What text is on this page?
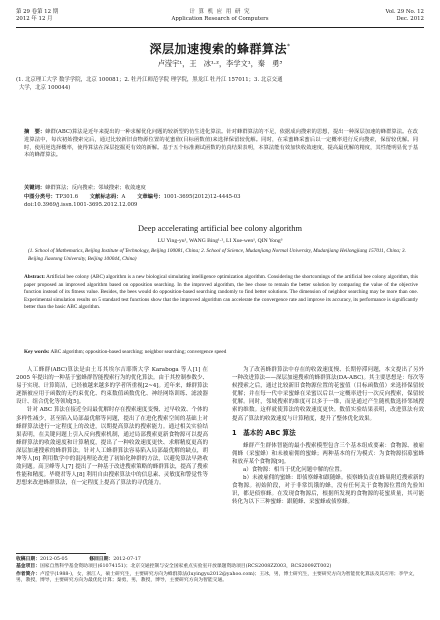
第 29 卷第 12 期
2012 年 12 月
计 算 机 应 用 研 究
Application Research of Computers
Vol. 29 No. 12
Dec. 2012
深层加速搜索的蜂群算法*
卢滢宇¹，王　冰¹·²，李学文¹，秦　勇³
(1. 北京理工大学 数学学院，北京 100081；2. 牡丹江师范学院 理学院，黑龙江 牡丹江 157011；3. 北京交通
大学，北京 100044)
摘　要：蜂群(ABC)算法是近年来提出的一种求解优化问题的较新型的仿生进化算法。针对蜂群算法的不足，依据成向搜索的思想，提出一种深层加速的蜂群算法。在改进算法中，每次初始搜索完后，通过比较新旧食物源位置的花蜜值(目标函数值)来选择保留较优解。同时，在采蜜蜂采蜜后以一定概率进行反向搜索，保留较优解。同时，使用逆选择概率，使得算法在深层挖掘更有效的新解。基于五个标准测试函数的仿真结果表明，本算法能有效加快收敛速度，提高最优解的精度，其性能明显优于基本的蜂群算法。
关键词：蜂群算法；反向搜索；邻域搜索；收敛速度
中图分类号：TP301.6 文献标志码：A 文章编号：1001-3695(2012)12-4445-03
doi:10.3969/j.issn.1001-3695.2012.12.009
Deep accelerating artificial bee colony algorithm
LU Ying-yu¹, WANG Bing¹·², LI Xue-wen¹, QIN Yong³
(1. School of Mathematics, Beijing Institute of Technology, Beijing 100081, China; 2. School of Science, Mudanjiang Normal University, Mudanjiang Heilongjiang 157011, China; 3. Beijing Jiaotong University, Beijing 100044, China)
Abstract: Artificial bee colony (ABC) algorithm is a new biological simulating intelligence optimization algorithm. Considering the shortcomings of the artificial bee colony algorithm, this paper proposed an improved algorithm based on opposition searching. In the improved algorithm, the bee chose to remain the better solution by comparing the value of the objective function instead of its fitness value. Besides, the bees would do opposition-based searching randomly to find better solutions. The dimension of neighbor searching may be more than one. Experimental simulation results on 5 standard test functions show that the improved algorithm can accelerate the convergence rate and improve its accuracy, its performance is significantly better than the basic ABC algorithm.
Key words: ABC algorithm; opposition-based searching; neighbor searching; convergence speed

人工蜂群(ABC)算法是由土耳其埃尔吉耶斯大学 Karaboga 等人[1] 在 2005 年提出的一种基于蜜蜂群智能搜索行为的优化算法。由于其控制参数少、易于实现、计算简洁，已经被越来越多的学者所重视[2~4]。近年来，蜂群算法逐渐被应用于函数的无约束优化、约束数值函数优化、神经网络训练、滤波器设计、组合优化等领域[5]。

针对 ABC 算法在接近全局最优解时存在搜索速度变慢、过早收敛、个体的多样性减少，甚至陷入局部最优解等问题，提出了在进化搜索空间的基础上对蜂群算法进行一定程度上的改进，以期提高算法的搜索能力。通过相关实验结果表明，在关键问题上引入反向搜索机制，通过局部搜索更新食物源可以提高蜂群算法的收敛速度和计算精度，提出了一种收敛速度更快、求解精度更高的深层加速搜索的蜂群算法。针对人工蜂群算法容易陷入局部最优解的缺点，胡坤等人[6] 利用数学中的混沌理论改进了初始化种群的方法，以避免算法早熟收敛问题。高卫峰等人[7] 提出了一种基于改进搜索策略的蜂群算法，提高了搜索性能和精度。毕晓君等人[8] 利用自由搜索算法中的信息素、灵敏度和警觉性等思想来改进蜂群算法，在一定程度上提高了算法的寻优能力。

为了改善蜂群算法中存在的收敛速度慢、长期停滞问题，本文提出了另外一种改进算法——深层加速搜索的蜂群算法(DA-ABC)。其主要思想是：每次等候搜索之后，通过比较新旧食物源位置的花蜜值（目标函数值）来选择保留较优解；并在每一代中采蜜蜂在采蜜以后以一定概率进行一次反向搜索，保留较优解。同时，邻域搜索的维度可以多于一维，而是通过产生随机数选择邻域搜索的维数。这样就使算法的收敛速度更快。数值实验结果表明，改进算法有效提高了算法的收敛速度与计算精度，提升了整体优化效果。

1　基本的 ABC 算法

蜂群产生群体智能的最小搜索模型包含三个基本组成要素：食物源、被雇佣蜂（采蜜蜂）和未被雇佣的蜜蜂；两种基本的行为模式：为食物源招募蜜蜂和放弃某个食物源[9]。

a）食物源：相当于优化问题中解的位置。

b）未被雇佣的蜜蜂：即侦察蜂和跟随蜂。侦察蜂负责在蜂巢附近搜索新的食物源。初始阶段，对于非常饥饿的蜂，没有任何关于食物源位置的先验知识，都是侦察蜂。在发现食物源后，根据所发现的食物源的花蜜质量，其可能转化为以下三种蜜蜂：跟随蜂、采蜜蜂或侦察蜂。

收稿日期：2012-05-05	修回日期：2012-07-17 基金项目：国家自然科学基金资助项目(61074151)；北京交通控制与安全国家重点实验室开放课题资助项目(RCS2008ZZ003，RCS2009ZT002)
作者简介：卢滢宇(1988-)，女，浙江人，硕士研究生，主要研究方向为蜂群算法(luyingyu2012@yahoo.com)；王冰，男，博士研究生，主要研究方向为智能优化算法及其应用；李学文，男，教授，博导，主要研究方向为最优化计算；秦勇，男，教授，博导，主要研究方向为智能交通。
